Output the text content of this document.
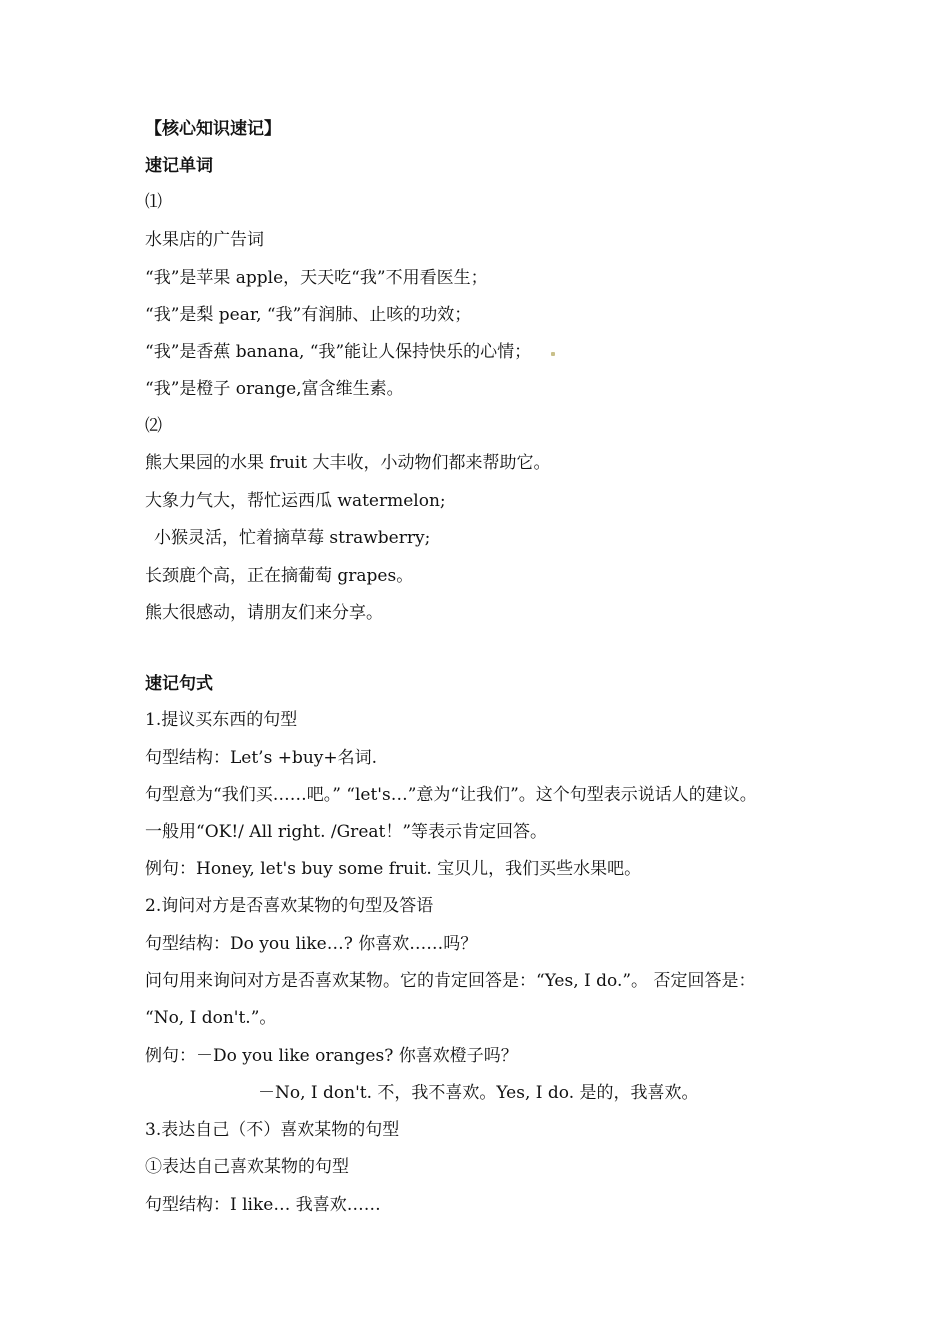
【核心知识速记】
速记单词
⑴
水果店的广告词
“我”是苹果 apple，天天吃“我”不用看医生；
“我”是梨 pear, “我”有润肺、止咳的功效；
“我”是香蕉 banana, “我”能让人保持快乐的心情；
“我”是橙子 orange,富含维生素。
⑵
熊大果园的水果 fruit 大丰收，小动物们都来帮助它。
大象力气大，帮忙运西瓜 watermelon;
小猴灵活，忙着摘草莓 strawberry;
长颈鹿个高，正在摘葡萄 grapes。
熊大很感动，请朋友们来分享。
速记句式
1.提议买东西的句型
句型结构：Let’s +buy+名词.
句型意为“我们买……吧。” “let's…”意为“让我们”。这个句型表示说话人的建议。
一般用“OK!/ All right. /Great！”等表示肯定回答。
例句：Honey, let's buy some fruit. 宝贝儿，我们买些水果吧。
2.询问对方是否喜欢某物的句型及答语
句型结构：Do you like…? 你喜欢……吗？
问句用来询问对方是否喜欢某物。它的肯定回答是：“Yes, I do.”。 否定回答是：
“No, I don't.”。
例句：－Do you like oranges? 你喜欢橙子吗？
－No, I don't. 不，我不喜欢。Yes, I do. 是的，我喜欢。
3.表达自己（不）喜欢某物的句型
①表达自己喜欢某物的句型
句型结构：I like… 我喜欢……
